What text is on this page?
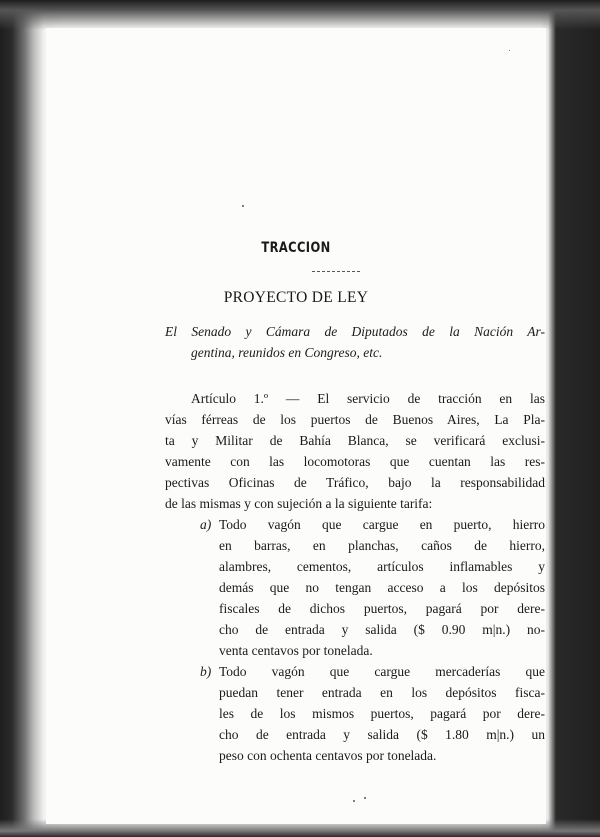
TRACCION
PROYECTO DE LEY
El Senado y Cámara de Diputados de la Nación Ar-
gentina, reunidos en Congreso, etc.
Artículo 1.º — El servicio de tracción en las
vías férreas de los puertos de Buenos Aires, La Pla-
ta y Militar de Bahía Blanca, se verificará exclusi-
vamente con las locomotoras que cuentan las res-
pectivas Oficinas de Tráfico, bajo la responsabilidad
de las mismas y con sujeción a la siguiente tarifa:
a) Todo vagón que cargue en puerto, hierro
en barras, en planchas, caños de hierro,
alambres, cementos, artículos inflamables y
demás que no tengan acceso a los depósitos
fiscales de dichos puertos, pagará por dere-
cho de entrada y salida ($ 0.90 m|n.) no-
venta centavos por tonelada.
b) Todo vagón que cargue mercaderías que
puedan tener entrada en los depósitos fisca-
les de los mismos puertos, pagará por dere-
cho de entrada y salida ($ 1.80 m|n.) un
peso con ochenta centavos por tonelada.
